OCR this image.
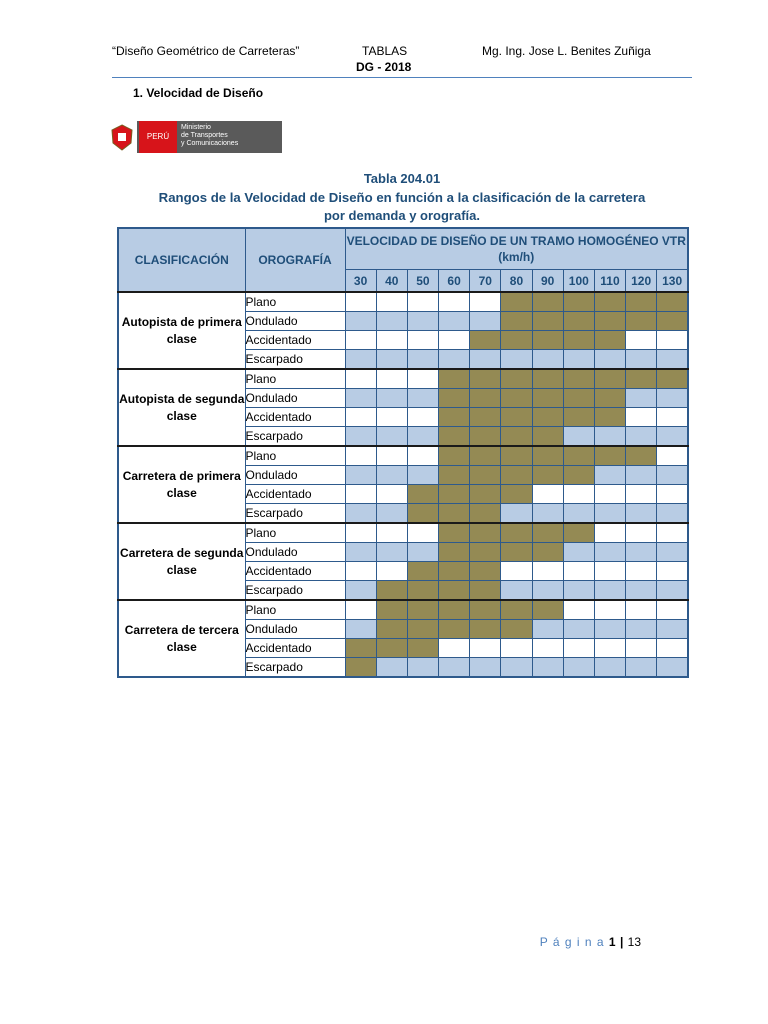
“Diseño Geométrico de Carreteras”	TABLAS
DG - 2018
Mg. Ing. Jose L. Benites Zuñiga
1. Velocidad de Diseño
PERÚ
Ministerio
de Transportes
y Comunicaciones
Tabla 204.01
Rangos de la Velocidad de Diseño en función a la clasificación de la carretera
por demanda y orografía.
CLASIFICACIÓN	OROGRAFÍA	VELOCIDAD DE DISEÑO DE UN TRAMO HOMOGÉNEO VTR (km/h)										
		30	40	50	60	70	80	90	100	110	120	130
Autopista de primera clase	Plano											
	Ondulado											
	Accidentado											
	Escarpado											
Autopista de segunda clase	Plano											
	Ondulado											
	Accidentado											
	Escarpado											
Carretera de primera clase	Plano											
	Ondulado											
	Accidentado											
	Escarpado											
Carretera de segunda clase	Plano											
	Ondulado											
	Accidentado											
	Escarpado											
Carretera de tercera clase	Plano											
	Ondulado											
	Accidentado											
	Escarpado											
P á g i n a 1 | 13
